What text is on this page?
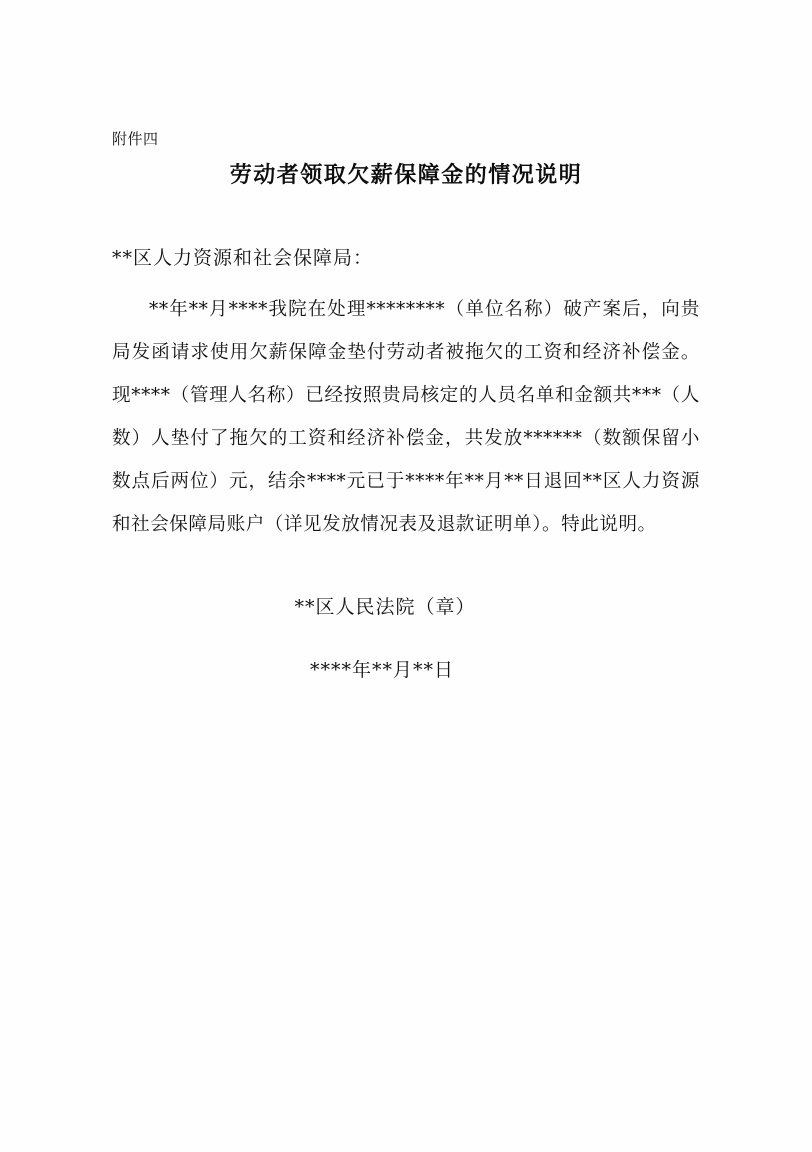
附件四
劳动者领取欠薪保障金的情况说明
**区人力资源和社会保障局：
**年**月****我院在处理********（单位名称）破产案后，向贵局发函请求使用欠薪保障金垫付劳动者被拖欠的工资和经济补偿金。现****（管理人名称）已经按照贵局核定的人员名单和金额共***（人数）人垫付了拖欠的工资和经济补偿金，共发放******（数额保留小数点后两位）元，结余****元已于****年**月**日退回**区人力资源和社会保障局账户（详见发放情况表及退款证明单）。特此说明。
**区人民法院（章）
****年**月**日
